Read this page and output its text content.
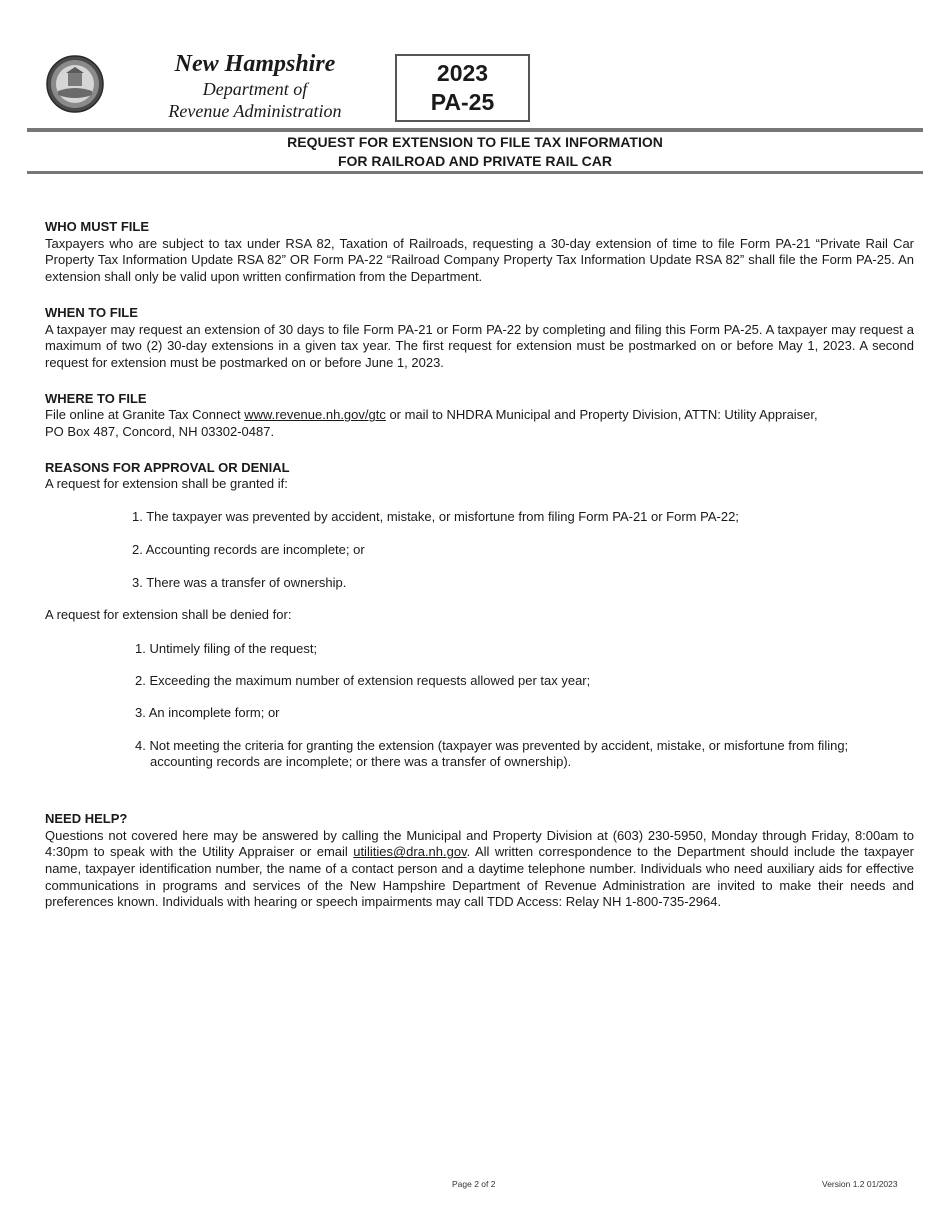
New Hampshire
Department of
Revenue Administration
2023
PA-25
REQUEST FOR EXTENSION TO FILE TAX INFORMATION
FOR RAILROAD AND PRIVATE RAIL CAR
WHO MUST FILE

Taxpayers who are subject to tax under RSA 82, Taxation of Railroads, requesting a 30-day extension of time to file Form PA-21 “Private Rail Car Property Tax Information Update RSA 82” OR Form PA-22 “Railroad Company Property Tax Information Update RSA 82” shall file the Form PA-25. An extension shall only be valid upon written confirmation from the Department.

WHEN TO FILE

A taxpayer may request an extension of 30 days to file Form PA-21 or Form PA-22 by completing and filing this Form PA-25. A taxpayer may request a maximum of two (2) 30-day extensions in a given tax year. The first request for extension must be postmarked on or before May 1, 2023. A second request for extension must be postmarked on or before June 1, 2023.

WHERE TO FILE

File online at Granite Tax Connect www.revenue.nh.gov/gtc or mail to NHDRA Municipal and Property Division, ATTN: Utility Appraiser,
PO Box 487, Concord, NH 03302-0487.

REASONS FOR APPROVAL OR DENIAL

A request for extension shall be granted if:

1. The taxpayer was prevented by accident, mistake, or misfortune from filing Form PA-21 or Form PA-22;
2. Accounting records are incomplete; or
3. There was a transfer of ownership.

A request for extension shall be denied for:

1. Untimely filing of the request;
2. Exceeding the maximum number of extension requests allowed per tax year;
3. An incomplete form; or
4. Not meeting the criteria for granting the extension (taxpayer was prevented by accident, mistake, or misfortune from filing;
accounting records are incomplete; or there was a transfer of ownership).
NEED HELP?

Questions not covered here may be answered by calling the Municipal and Property Division at (603) 230-5950, Monday through Friday, 8:00am to 4:30pm to speak with the Utility Appraiser or email utilities@dra.nh.gov. All written correspondence to the Department should include the taxpayer name, taxpayer identification number, the name of a contact person and a daytime telephone number. Individuals who need auxiliary aids for effective communications in programs and services of the New Hampshire Department of Revenue Administration are invited to make their needs and preferences known. Individuals with hearing or speech impairments may call TDD Access: Relay NH 1-800-735-2964.

Page 2 of 2	Version 1.2 01/2023
